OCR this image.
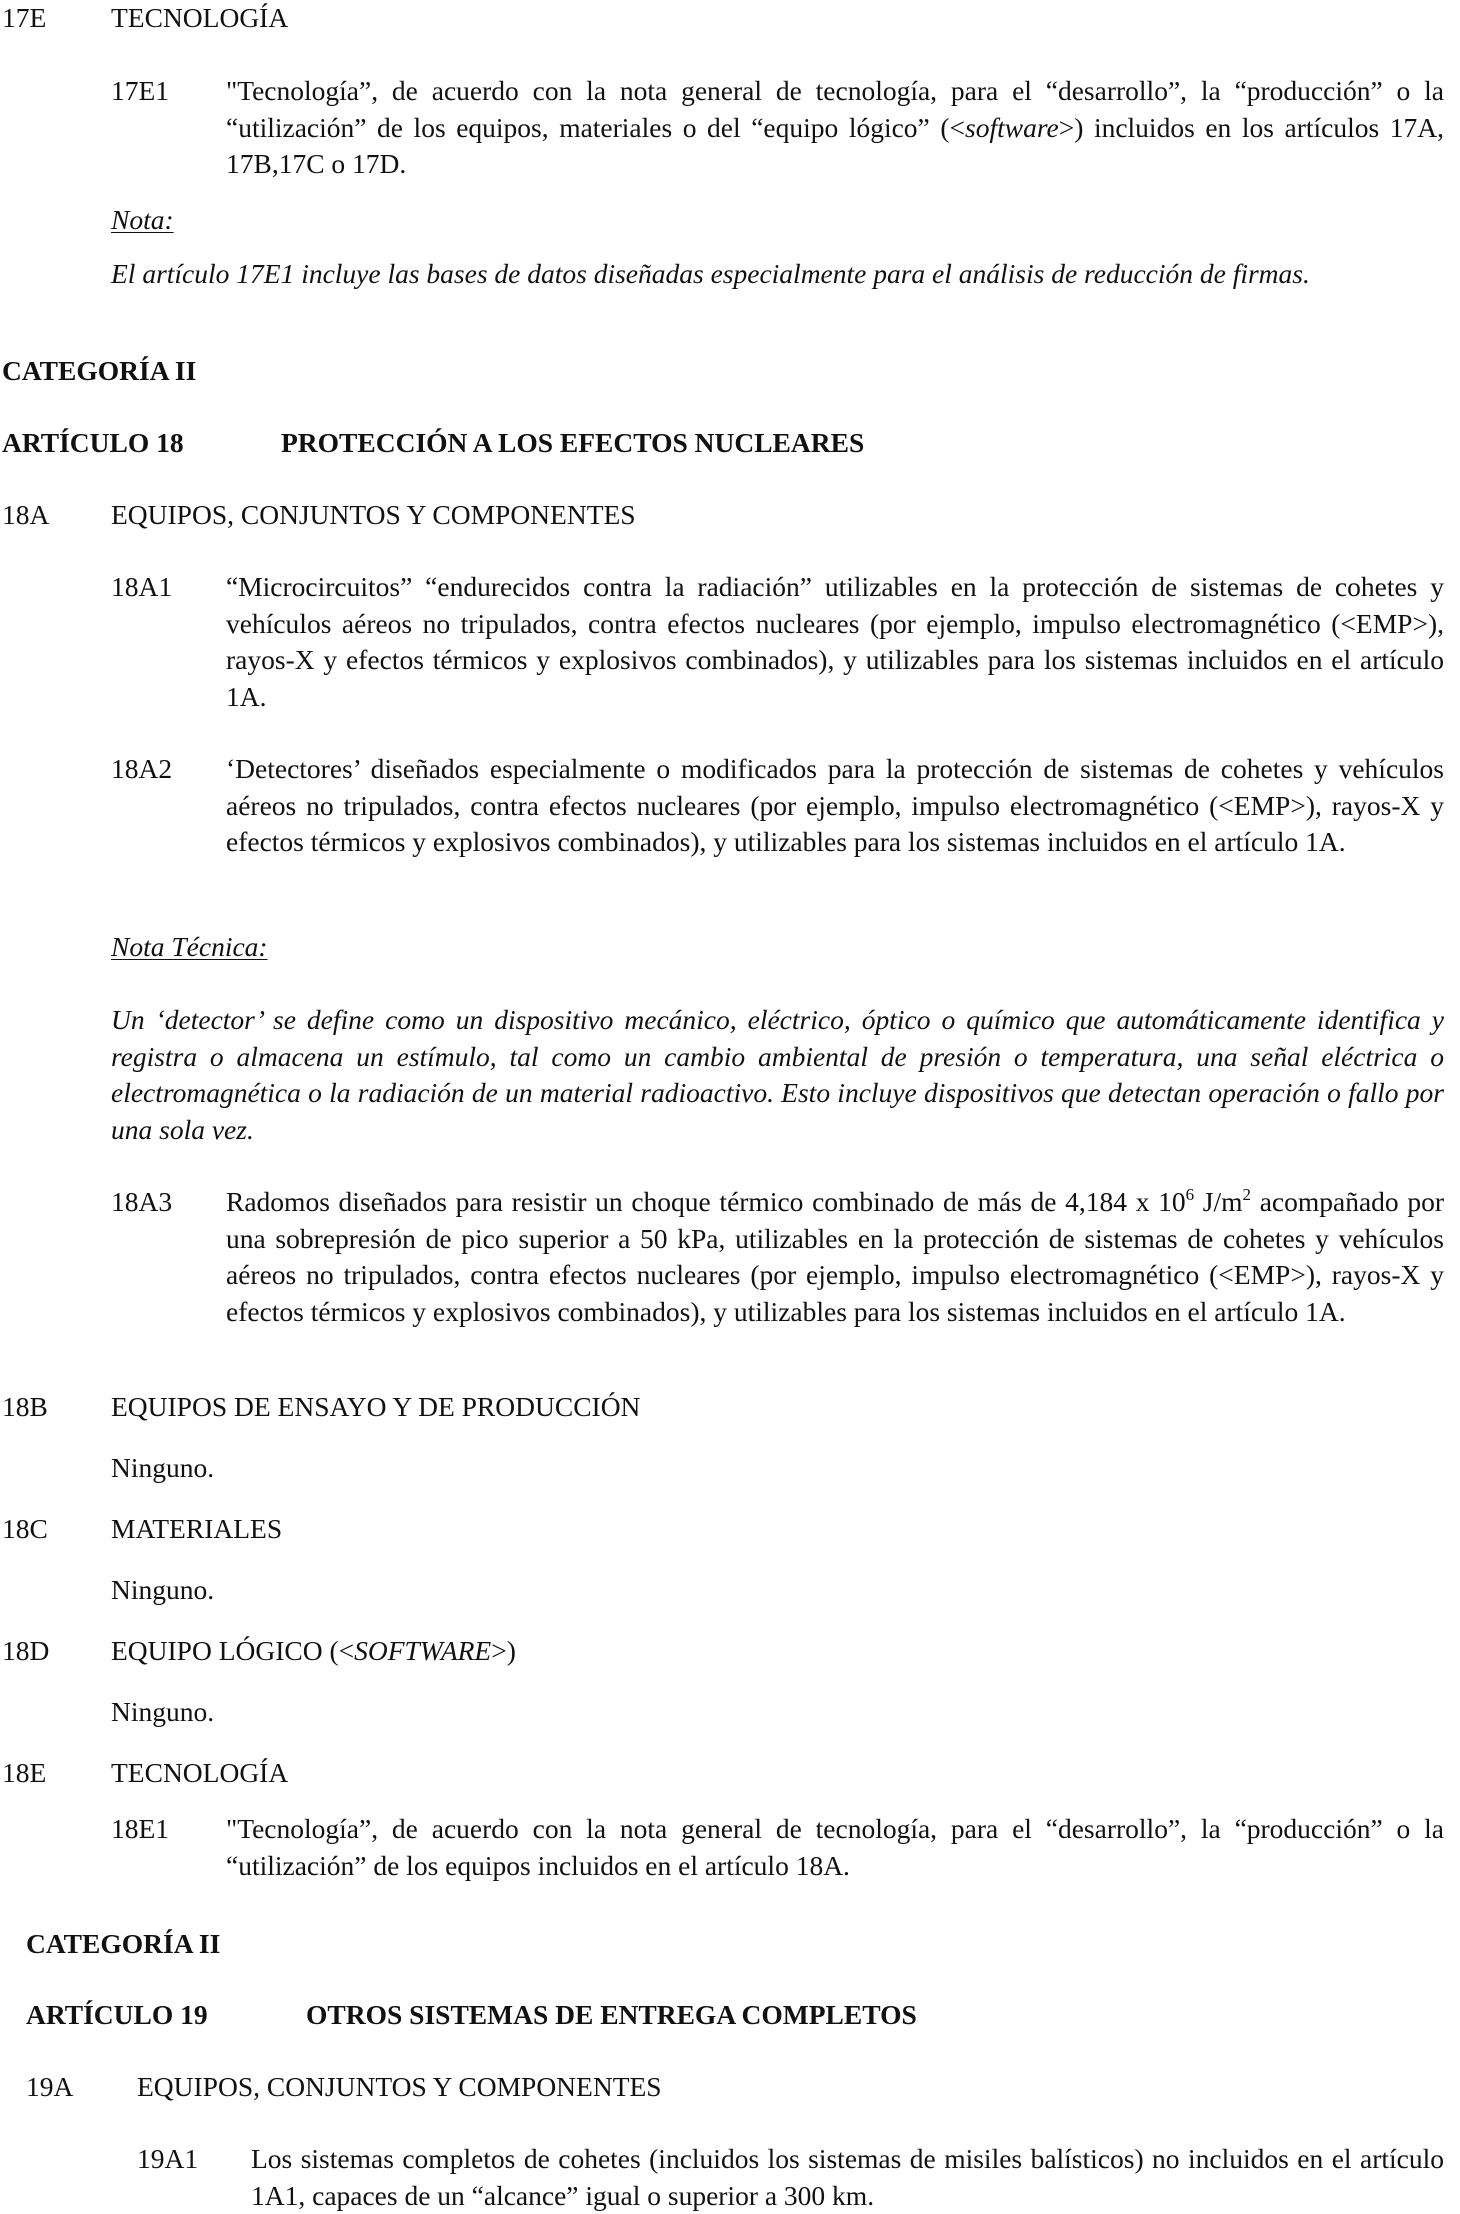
17E TECNOLOGÍA
17E1 "Tecnología”, de acuerdo con la nota general de tecnología, para el “desarrollo”, la “producción” o la “utilización” de los equipos, materiales o del “equipo lógico” (<software>) incluidos en los artículos 17A, 17B,17C o 17D.
Nota:
El artículo 17E1 incluye las bases de datos diseñadas especialmente para el análisis de reducción de firmas.
CATEGORÍA II
ARTÍCULO 18	PROTECCIÓN A LOS EFECTOS NUCLEARES
18A EQUIPOS, CONJUNTOS Y COMPONENTES
18A1 “Microcircuitos” “endurecidos contra la radiación” utilizables en la protección de sistemas de cohetes y vehículos aéreos no tripulados, contra efectos nucleares (por ejemplo, impulso electromagnético (<EMP>), rayos-X y efectos térmicos y explosivos combinados), y utilizables para los sistemas incluidos en el artículo 1A.
18A2 ‘Detectores’ diseñados especialmente o modificados para la protección de sistemas de cohetes y vehículos aéreos no tripulados, contra efectos nucleares (por ejemplo, impulso electromagnético (<EMP>), rayos-X y efectos térmicos y explosivos combinados), y utilizables para los sistemas incluidos en el artículo 1A.
Nota Técnica:
Un ‘detector’ se define como un dispositivo mecánico, eléctrico, óptico o químico que automáticamente identifica y registra o almacena un estímulo, tal como un cambio ambiental de presión o temperatura, una señal eléctrica o electromagnética o la radiación de un material radioactivo. Esto incluye dispositivos que detectan operación o fallo por una sola vez.
18A3 Radomos diseñados para resistir un choque térmico combinado de más de 4,184 x $10^6$ $J/m^2$ acompañado por una sobrepresión de pico superior a 50 kPa, utilizables en la protección de sistemas de cohetes y vehículos aéreos no tripulados, contra efectos nucleares (por ejemplo, impulso electromagnético (<EMP>), rayos-X y efectos térmicos y explosivos combinados), y utilizables para los sistemas incluidos en el artículo 1A.
18B EQUIPOS DE ENSAYO Y DE PRODUCCIÓN
Ninguno.
18C MATERIALES
Ninguno.
18D EQUIPO LÓGICO (<SOFTWARE>)
Ninguno.
18E TECNOLOGÍA
18E1 "Tecnología”, de acuerdo con la nota general de tecnología, para el “desarrollo”, la “producción” o la “utilización” de los equipos incluidos en el artículo 18A.
CATEGORÍA II
ARTÍCULO 19	OTROS SISTEMAS DE ENTREGA COMPLETOS
19A EQUIPOS, CONJUNTOS Y COMPONENTES
19A1 Los sistemas completos de cohetes (incluidos los sistemas de misiles balísticos) no incluidos en el artículo 1A1, capaces de un “alcance” igual o superior a 300 km.
